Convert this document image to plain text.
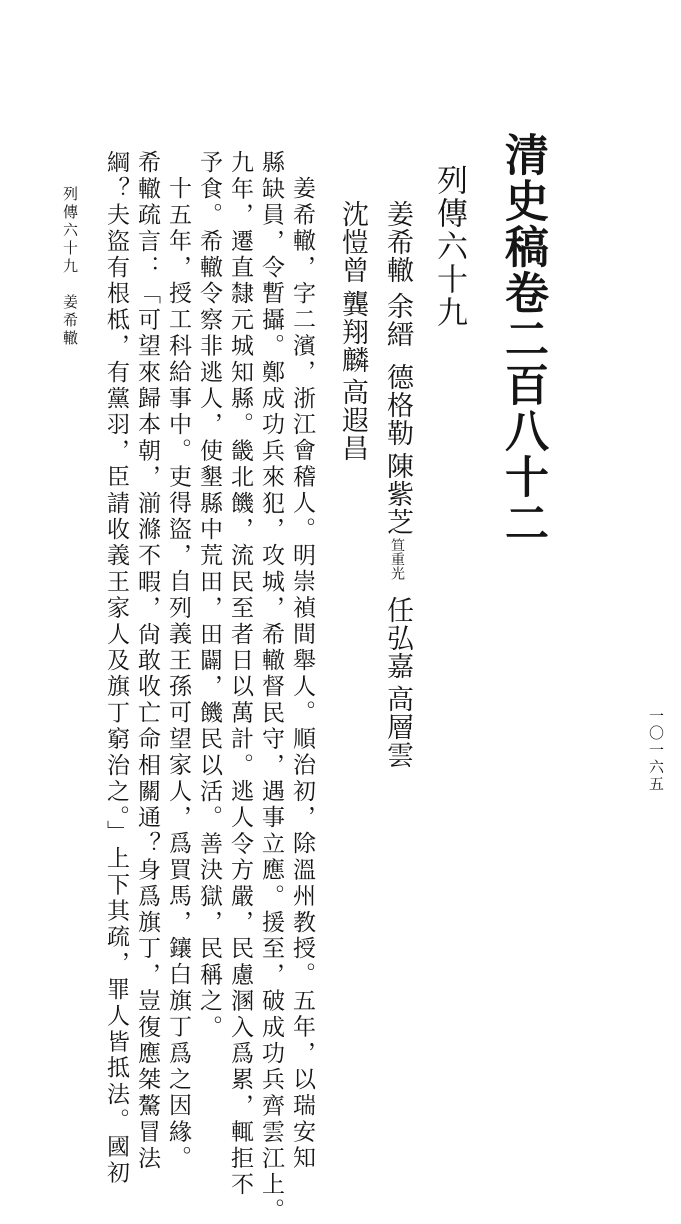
清史稿卷二百八十二
列傳六十九
姜希轍
余縉
德格勒
陳紫芝
笪重光
任弘嘉
高層雲
沈愷曾
龔翔麟
高遐昌
姜希轍，字二濱，浙江會稽人。明崇禎間舉人。順治初，除溫州教授。五年，以瑞安知
縣缺員，令暫攝。鄭成功兵來犯，攻城，希轍督民守，遇事立應。援至，破成功兵齊雲江上。
九年，遷直隸元城知縣。畿北饑，流民至者日以萬計。逃人令方嚴，民慮溷入爲累，輒拒不
予食。希轍令察非逃人，使墾縣中荒田，田闢，饑民以活。善決獄，民稱之。
十五年，授工科給事中。吏得盜，自列義王孫可望家人，爲買馬，鑲白旗丁爲之因緣。
希轍疏言：「可望來歸本朝，湔滌不暇，尙敢收亡命相關通？身爲旗丁，豈復應桀驁冒法
綱？夫盜有根柢，有黨羽，臣請收義王家人及旗丁窮治之。」上下其疏，罪人皆抵法。國初
列傳六十九　姜希轍
一〇一六五
